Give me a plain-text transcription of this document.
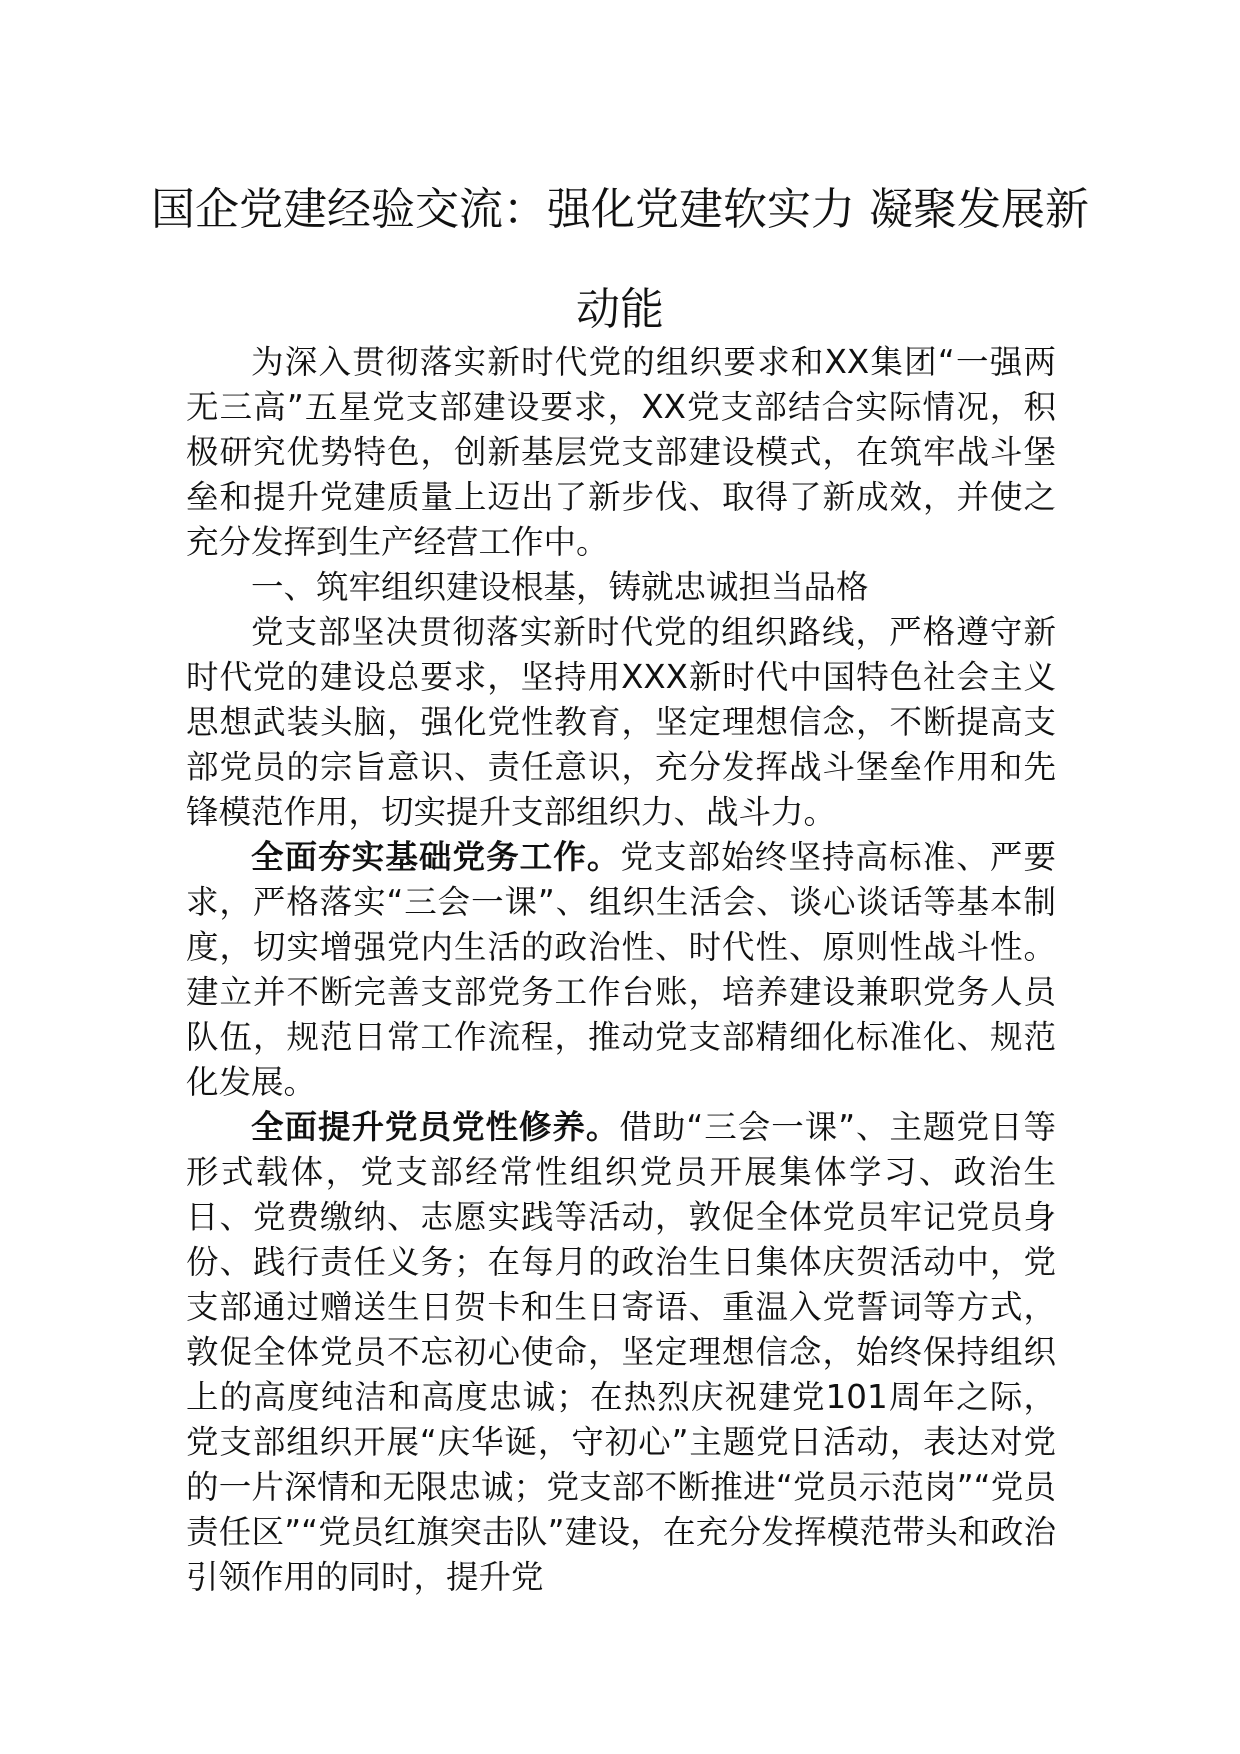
国企党建经验交流：强化党建软实力 凝聚发展新动能

为深入贯彻落实新时代党的组织要求和XX集团“一强两无三高”五星党支部建设要求，XX党支部结合实际情况，积极研究优势特色，创新基层党支部建设模式，在筑牢战斗堡垒和提升党建质量上迈出了新步伐、取得了新成效，并使之充分发挥到生产经营工作中。

一、筑牢组织建设根基，铸就忠诚担当品格

党支部坚决贯彻落实新时代党的组织路线，严格遵守新时代党的建设总要求，坚持用XXX新时代中国特色社会主义思想武装头脑，强化党性教育，坚定理想信念，不断提高支部党员的宗旨意识、责任意识，充分发挥战斗堡垒作用和先锋模范作用，切实提升支部组织力、战斗力。

全面夯实基础党务工作。党支部始终坚持高标准、严要求，严格落实“三会一课”、组织生活会、谈心谈话等基本制度，切实增强党内生活的政治性、时代性、原则性战斗性。建立并不断完善支部党务工作台账，培养建设兼职党务人员队伍，规范日常工作流程，推动党支部精细化标准化、规范化发展。

全面提升党员党性修养。借助“三会一课”、主题党日等形式载体，党支部经常性组织党员开展集体学习、政治生日、党费缴纳、志愿实践等活动，敦促全体党员牢记党员身份、践行责任义务；在每月的政治生日集体庆贺活动中，党支部通过赠送生日贺卡和生日寄语、重温入党誓词等方式，敦促全体党员不忘初心使命，坚定理想信念，始终保持组织上的高度纯洁和高度忠诚；在热烈庆祝建党101周年之际，党支部组织开展“庆华诞，守初心”主题党日活动，表达对党的一片深情和无限忠诚；党支部不断推进“党员示范岗”“党员责任区”“党员红旗突击队”建设，在充分发挥模范带头和政治引领作用的同时，提升党
